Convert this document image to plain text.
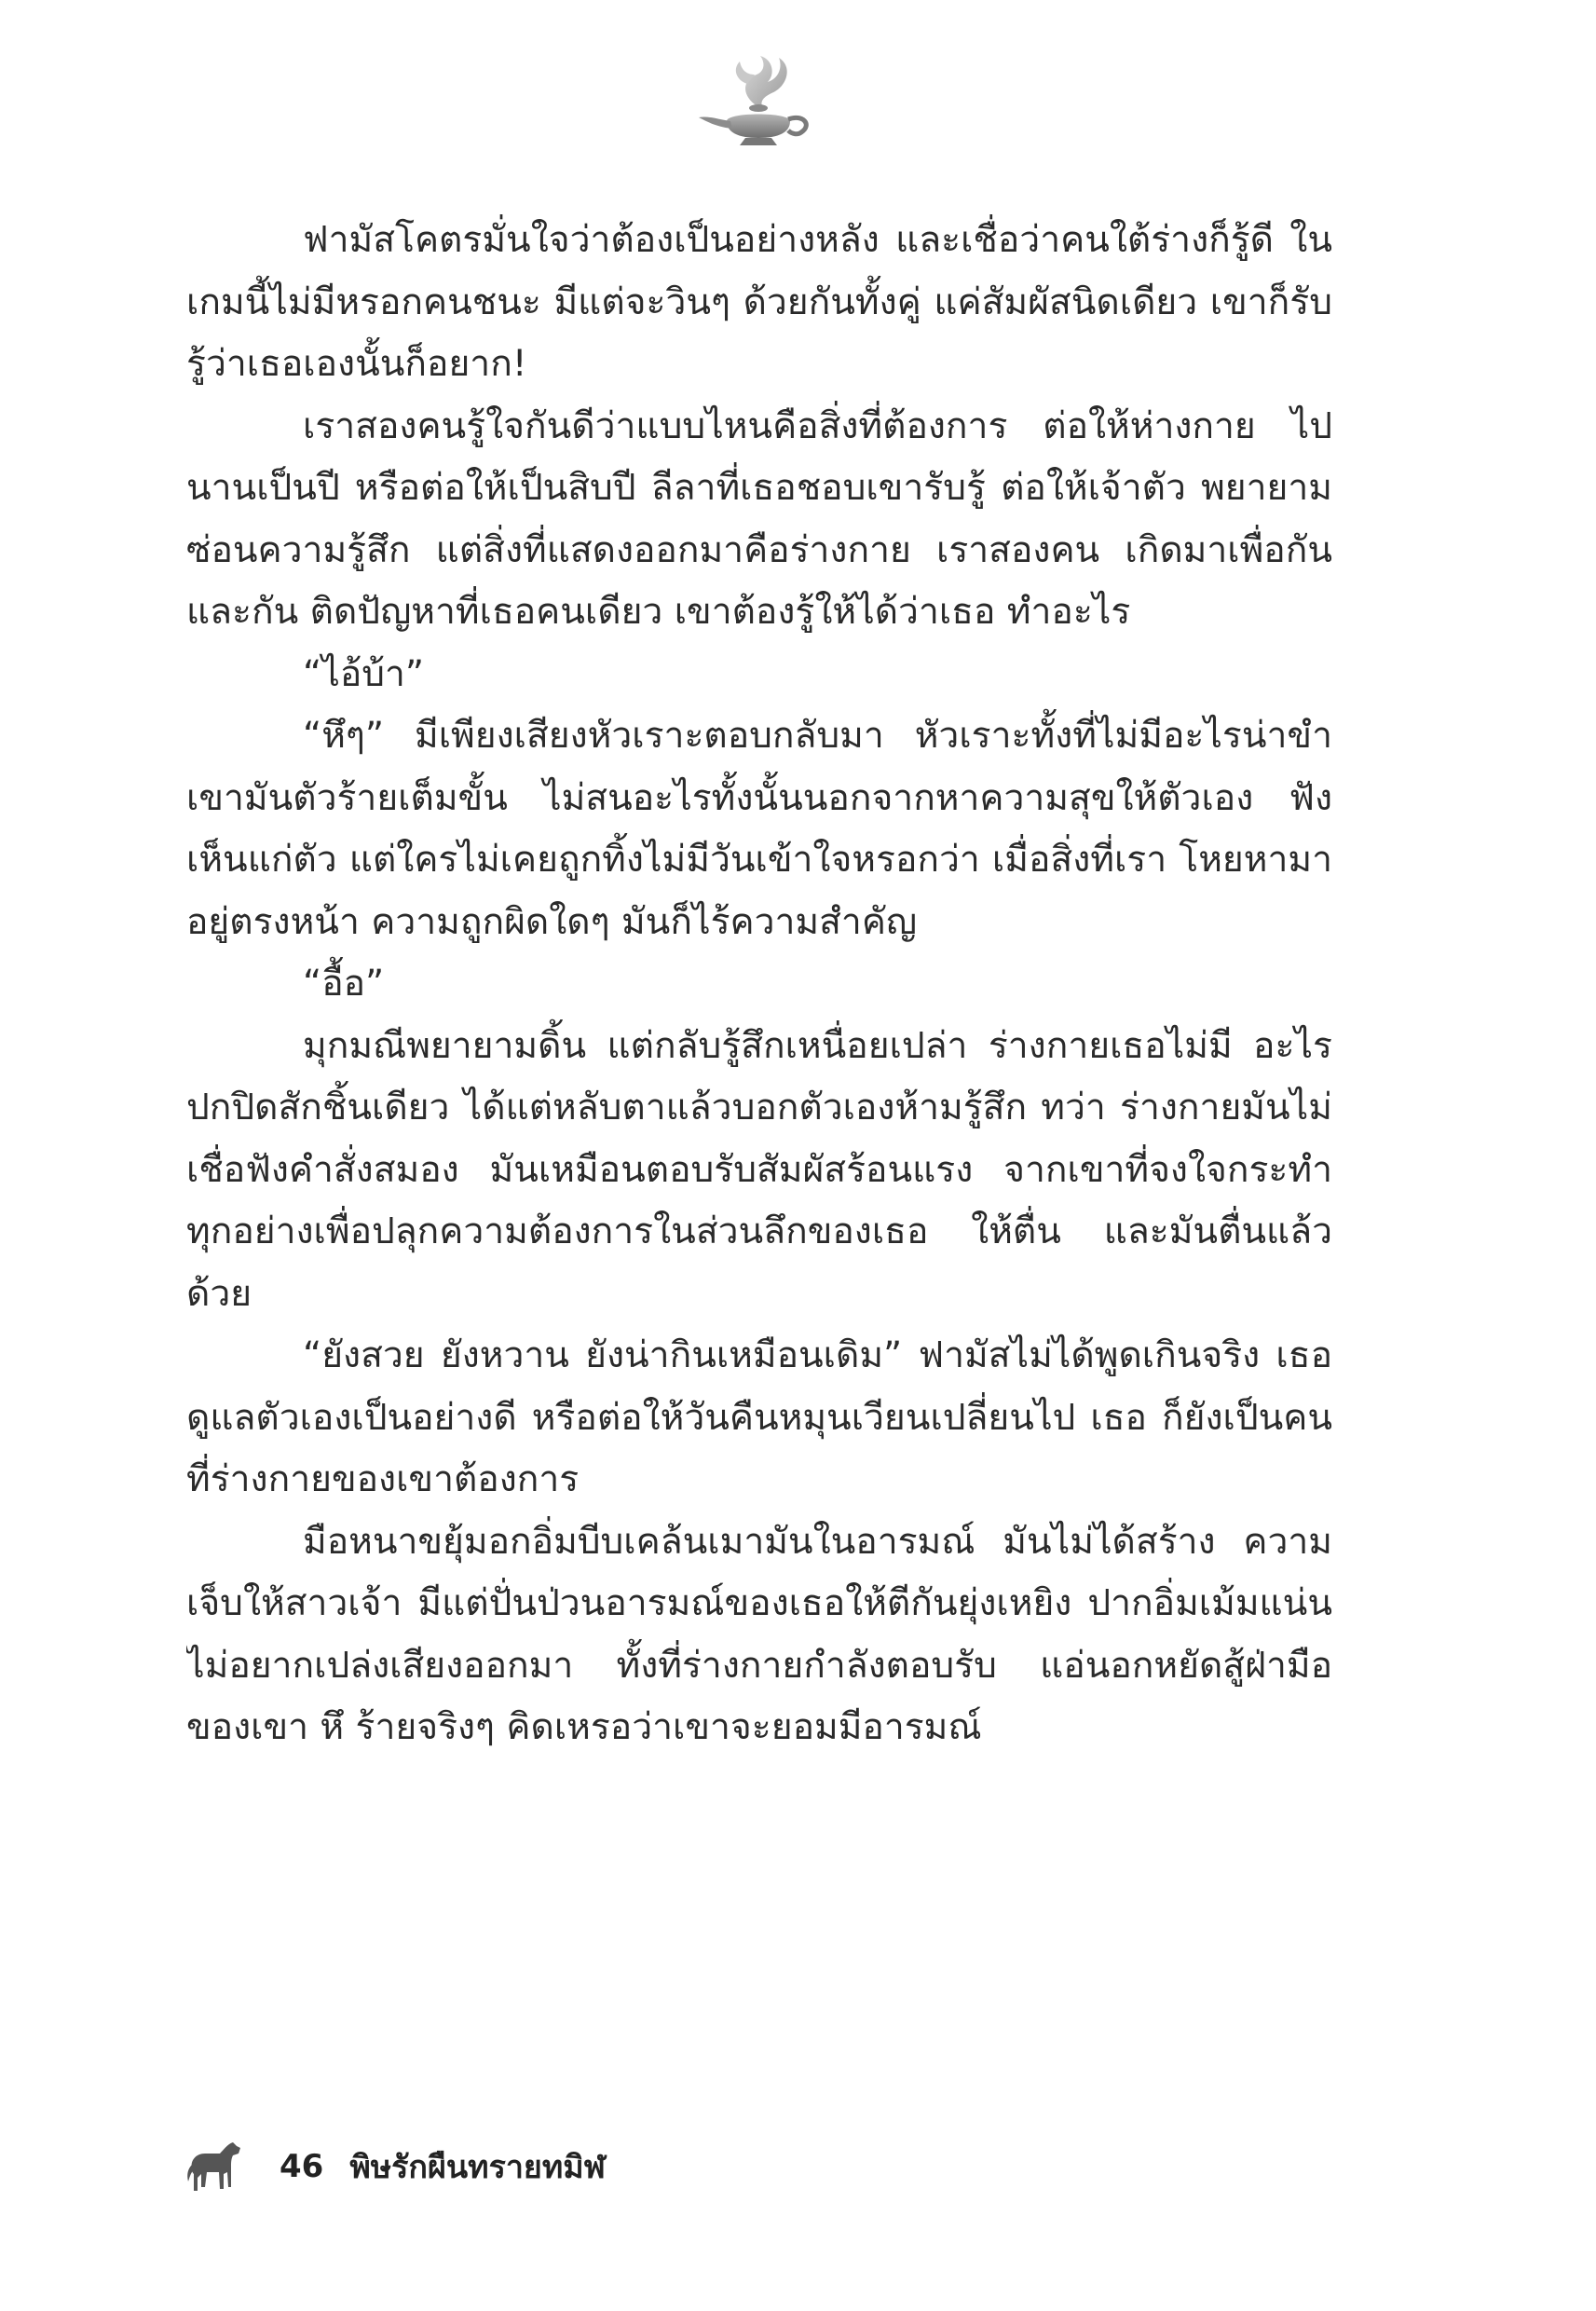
ฟามัสโคตรมั่นใจว่าต้องเป็นอย่างหลัง และเชื่อว่าคนใต้ร่างก็รู้ดี ในเกมนี้ไม่มีหรอกคนชนะ มีแต่จะวินๆ ด้วยกันทั้งคู่ แค่สัมผัสนิดเดียว เขาก็รับรู้ว่าเธอเองนั้นก็อยาก!

เราสองคนรู้ใจกันดีว่าแบบไหนคือสิ่งที่ต้องการ ต่อให้ห่างกาย ไปนานเป็นปี หรือต่อให้เป็นสิบปี ลีลาที่เธอชอบเขารับรู้ ต่อให้เจ้าตัว พยายามซ่อนความรู้สึก แต่สิ่งที่แสดงออกมาคือร่างกาย เราสองคน เกิดมาเพื่อกันและกัน ติดปัญหาที่เธอคนเดียว เขาต้องรู้ให้ได้ว่าเธอ ทำอะไร

“ไอ้บ้า”

“หึๆ” มีเพียงเสียงหัวเราะตอบกลับมา หัวเราะทั้งที่ไม่มีอะไรน่าขำ เขามันตัวร้ายเต็มขั้น ไม่สนอะไรทั้งนั้นนอกจากหาความสุขให้ตัวเอง ฟังเห็นแก่ตัว แต่ใครไม่เคยถูกทิ้งไม่มีวันเข้าใจหรอกว่า เมื่อสิ่งที่เรา โหยหามาอยู่ตรงหน้า ความถูกผิดใดๆ มันก็ไร้ความสำคัญ

“อื้อ”

มุกมณีพยายามดิ้น แต่กลับรู้สึกเหนื่อยเปล่า ร่างกายเธอไม่มี อะไรปกปิดสักชิ้นเดียว ได้แต่หลับตาแล้วบอกตัวเองห้ามรู้สึก ทว่า ร่างกายมันไม่เชื่อฟังคำสั่งสมอง มันเหมือนตอบรับสัมผัสร้อนแรง จากเขาที่จงใจกระทำทุกอย่างเพื่อปลุกความต้องการในส่วนลึกของเธอ ให้ตื่น และมันตื่นแล้วด้วย

“ยังสวย ยังหวาน ยังน่ากินเหมือนเดิม” ฟามัสไม่ได้พูดเกินจริง เธอดูแลตัวเองเป็นอย่างดี หรือต่อให้วันคืนหมุนเวียนเปลี่ยนไป เธอ ก็ยังเป็นคนที่ร่างกายของเขาต้องการ

มือหนาขยุ้มอกอิ่มบีบเคล้นเมามันในอารมณ์ มันไม่ได้สร้าง ความเจ็บให้สาวเจ้า มีแต่ปั่นป่วนอารมณ์ของเธอให้ตีกันยุ่งเหยิง ปากอิ่มเม้มแน่นไม่อยากเปล่งเสียงออกมา ทั้งที่ร่างกายกำลังตอบรับ แอ่นอกหยัดสู้ฝ่ามือของเขา หึ ร้ายจริงๆ คิดเหรอว่าเขาจะยอมมีอารมณ์

46 พิษรักผืนทรายทมิฬ
